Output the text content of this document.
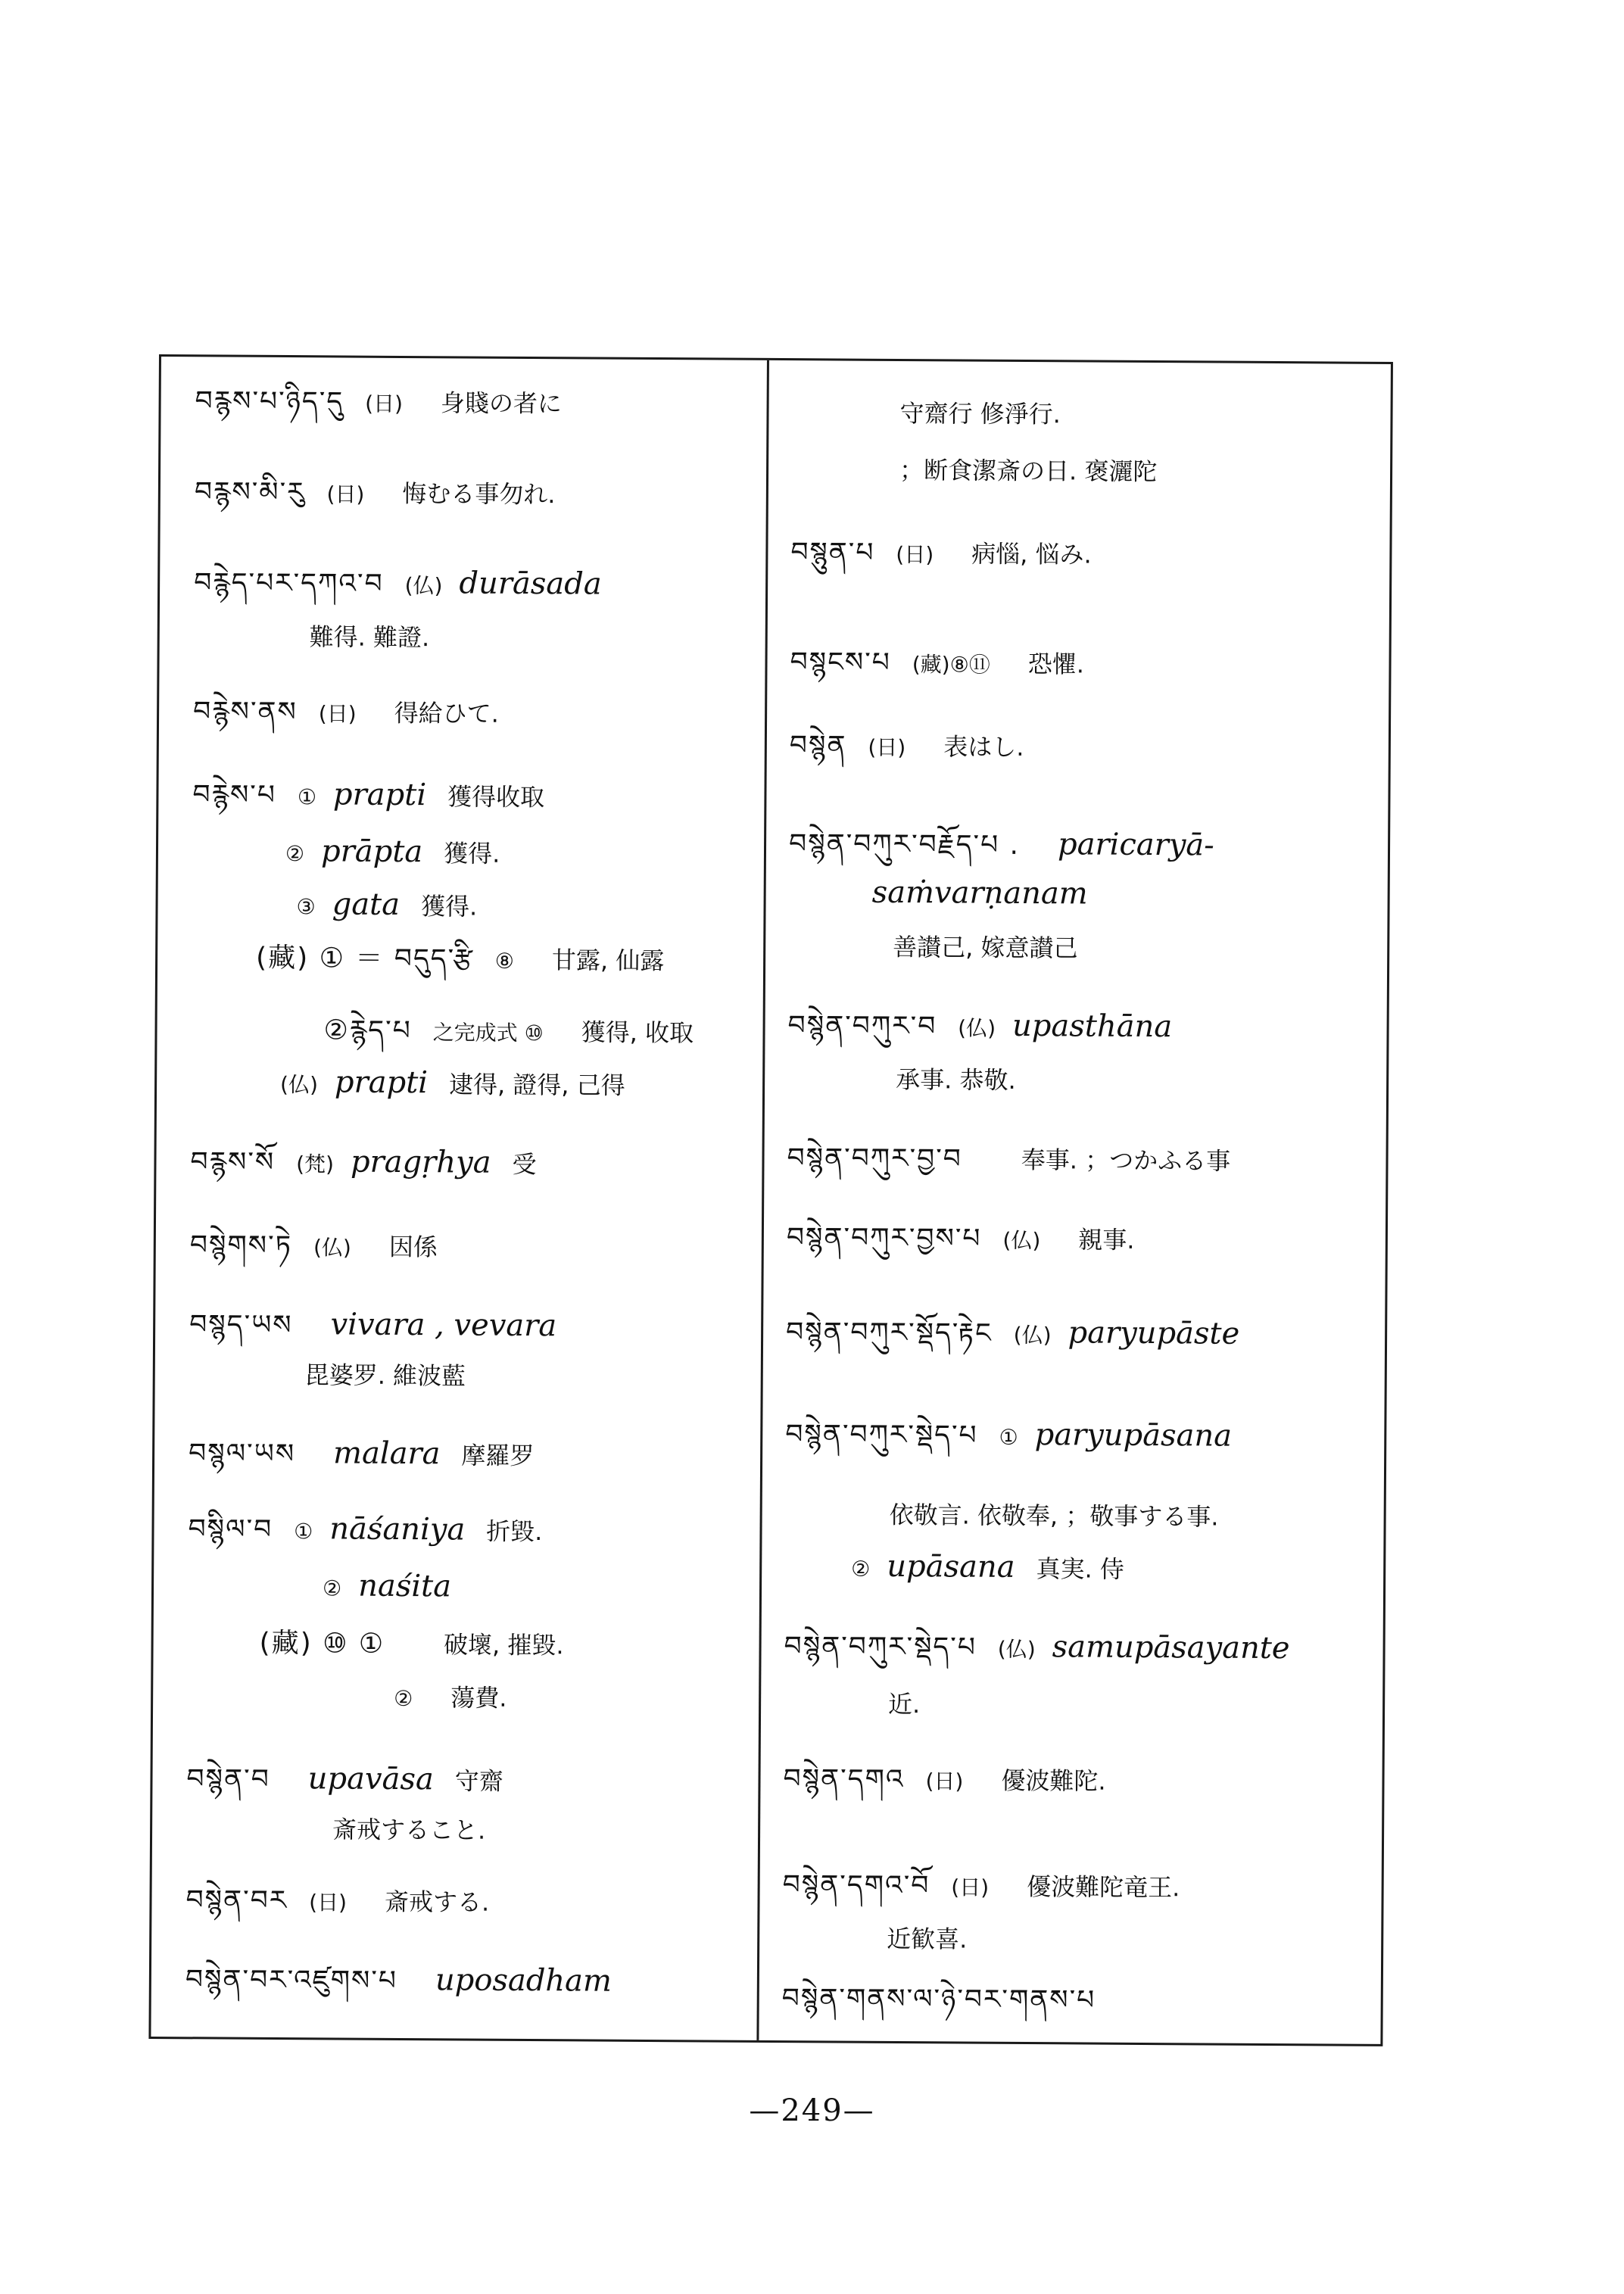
བརྙས་པ་ཉིད་དུ (日) 身賤の者に
བརྙས་མི་རུ (日) 悔むる事勿れ.
བརྙེད་པར་དཀའ་བ (仏) durāsada
難得. 難證.
བརྙེས་ནས (日) 得給ひて.
བརྙེས་པ ① prapti 獲得收取
② prāpta 獲得.
③ gata 獲得.
(藏) ① ＝ བདུད་རྩི ⑧ 甘露, 仙露
②རྙེད་པ 之完成式 ⑩ 獲得, 收取
(仏) prapti 逮得, 證得, 己得
བརྙས་སོ (梵) pragṛhya 受
བསྙེགས་ཏེ (仏) 因係
བསྙད་ཡས vivara , vevara
毘婆罗. 維波藍
བསྙལ་ཡས malara 摩羅罗
བསྙིལ་བ ① nāśaniya 折毀.
② naśita
(藏) ⑩ ① 破壞, 摧毀.
② 蕩費.
བསྙེན་བ upavāsa 守齋
斎戒すること.
བསྙེན་བར (日) 斎戒する.
བསྙེན་བར་འཛུགས་པ uposadham
守齋行 修淨行.
；断食潔斎の日. 褒灑陀
བསྙུན་པ (日) 病惱, 悩み.
བསྙངས་པ (藏)⑧⑪ 恐懼.
བསྙེན (日) 表はし.
བསྙེན་བཀུར་བརྗོད་པ . paricaryā-
saṁvarṇanam
善讃己, 嫁意讃己
བསྙེན་བཀུར་བ (仏) upasthāna
承事. 恭敬.
བསྙེན་བཀུར་བྱ་བ 奉事. ；つかふる事
བསྙེན་བཀུར་བྱས་པ (仏) 親事.
བསྙེན་བཀུར་སྡོད་རྟེང (仏) paryupāste
བསྙེན་བཀུར་སྡེད་པ ① paryupāsana
依敬言. 依敬奉, ；敬事する事.
② upāsana 真実. 侍
བསྙེན་བཀུར་སྡེད་པ (仏) samupāsayante
近.
བསྙེན་དགའ (日) 優波難陀.
བསྙེན་དགའ་བོ (日) 優波難陀竜王.
近歓喜.
བསྙེན་གནས་ལ་ཉེ་བར་གནས་པ
—249—
